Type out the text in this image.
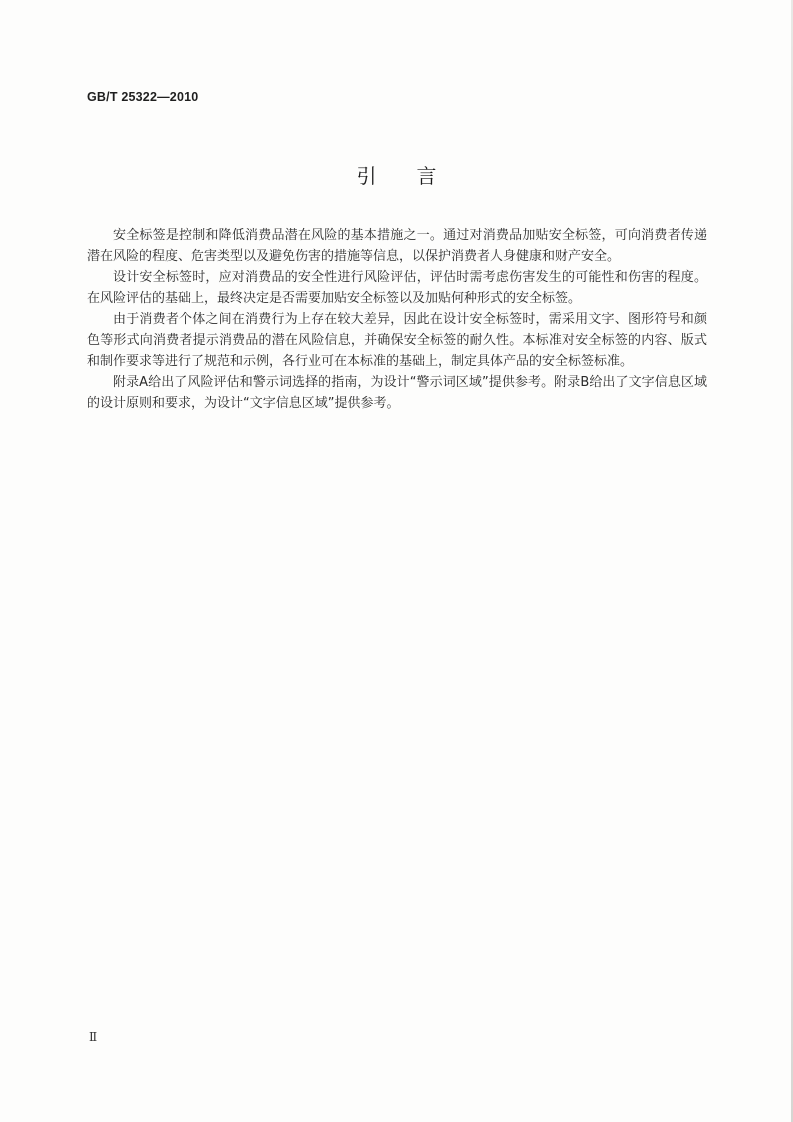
GB/T 25322—2010
引言

安全标签是控制和降低消费品潜在风险的基本措施之一。通过对消费品加贴安全标签，可向消费者传递潜在风险的程度、危害类型以及避免伤害的措施等信息，以保护消费者人身健康和财产安全。

设计安全标签时，应对消费品的安全性进行风险评估，评估时需考虑伤害发生的可能性和伤害的程度。在风险评估的基础上，最终决定是否需要加贴安全标签以及加贴何种形式的安全标签。

由于消费者个体之间在消费行为上存在较大差异，因此在设计安全标签时，需采用文字、图形符号和颜色等形式向消费者提示消费品的潜在风险信息，并确保安全标签的耐久性。本标准对安全标签的内容、版式和制作要求等进行了规范和示例，各行业可在本标准的基础上，制定具体产品的安全标签标准。

附录A给出了风险评估和警示词选择的指南，为设计“警示词区域”提供参考。附录B给出了文字信息区域的设计原则和要求，为设计“文字信息区域”提供参考。

Ⅱ
